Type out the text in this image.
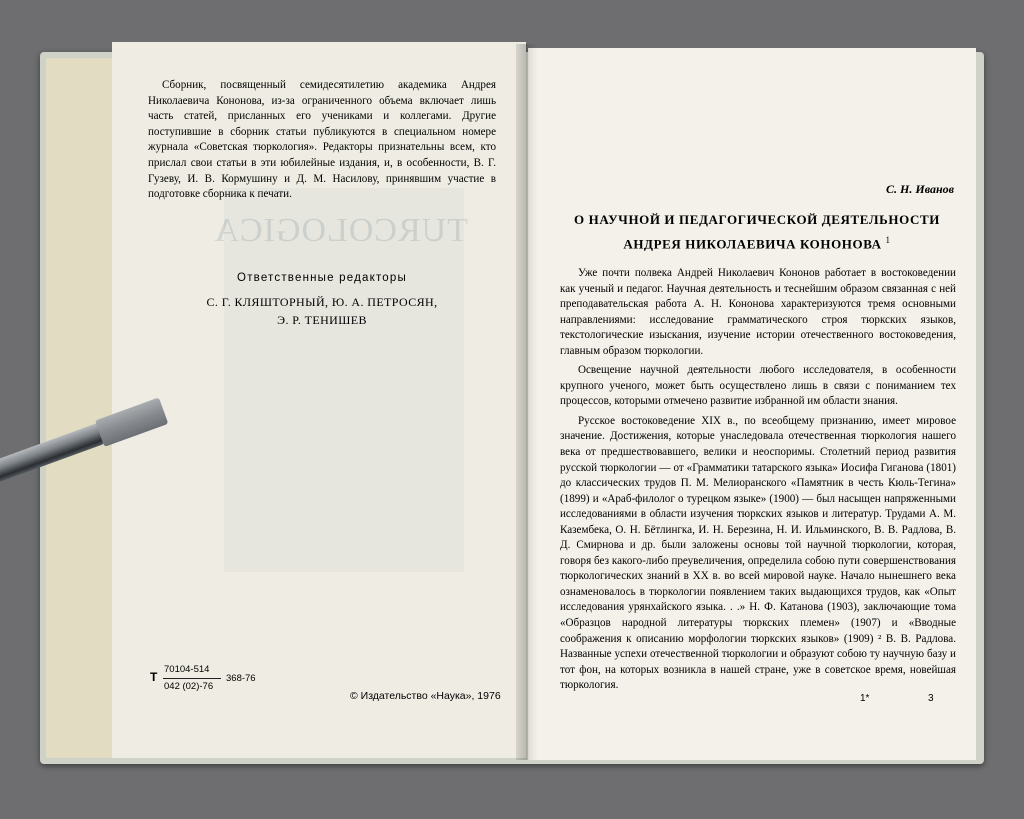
TURCOLOGICA
Сборник, посвященный семидесятилетию академика Андрея Николаевича Кононова, из-за ограниченного объема включает лишь часть статей, присланных его учениками и коллегами. Другие поступившие в сборник статьи публикуются в специальном номере журнала «Советская тюркология». Редакторы признательны всем, кто прислал свои статьи в эти юбилейные издания, и, в особенности, В. Г. Гузеву, И. В. Кормушину и Д. М. Насилову, принявшим участие в подготовке сборника к печати.
Ответственные редакторы
С. Г. КЛЯШТОРНЫЙ, Ю. А. ПЕТРОСЯН,
Э. Р. ТЕНИШЕВ
Т
70104-514
042 (02)-76
368-76
© Издательство «Наука», 1976
С. Н. Иванов
О НАУЧНОЙ И ПЕДАГОГИЧЕСКОЙ ДЕЯТЕЛЬНОСТИ
АНДРЕЯ НИКОЛАЕВИЧА КОНОНОВА $^1$

Уже почти полвека Андрей Николаевич Кононов работает в востоковедении как ученый и педагог. Научная деятельность и теснейшим образом связанная с ней преподавательская работа А. Н. Кононова характеризуются тремя основными направлениями: исследование грамматического строя тюркских языков, текстологические изыскания, изучение истории отечественного востоковедения, главным образом тюркологии.

Освещение научной деятельности любого исследователя, в особенности крупного ученого, может быть осуществлено лишь в связи с пониманием тех процессов, которыми отмечено развитие избранной им области знания.

Русское востоковедение XIX в., по всеобщему признанию, имеет мировое значение. Достижения, которые унаследовала отечественная тюркология нашего века от предшествовавшего, велики и неоспоримы. Столетний период развития русской тюркологии — от «Грамматики татарского языка» Иосифа Гиганова (1801) до классических трудов П. М. Мелиоранского «Памятник в честь Кюль-Тегина» (1899) и «Араб-филолог о турецком языке» (1900) — был насыщен напряженными исследованиями в области изучения тюркских языков и литератур. Трудами А. М. Казембека, О. Н. Бётлингка, И. Н. Березина, Н. И. Ильминского, В. В. Радлова, В. Д. Смирнова и др. были заложены основы той научной тюркологии, которая, говоря без какого-либо преувеличения, определила собою пути совершенствования тюркологических знаний в XX в. во всей мировой науке. Начало нынешнего века ознаменовалось в тюркологии появлением таких выдающихся трудов, как «Опыт исследования урянхайского языка. . .» Н. Ф. Катанова (1903), заключающие тома «Образцов народной литературы тюркских племен» (1907) и «Вводные соображения к описанию морфологии тюркских языков» (1909) ² В. В. Радлова. Названные успехи отечественной тюркологии и образуют собою ту научную базу и тот фон, на которых возникла в нашей стране, уже в советское время, новейшая тюркология.

1*	3
